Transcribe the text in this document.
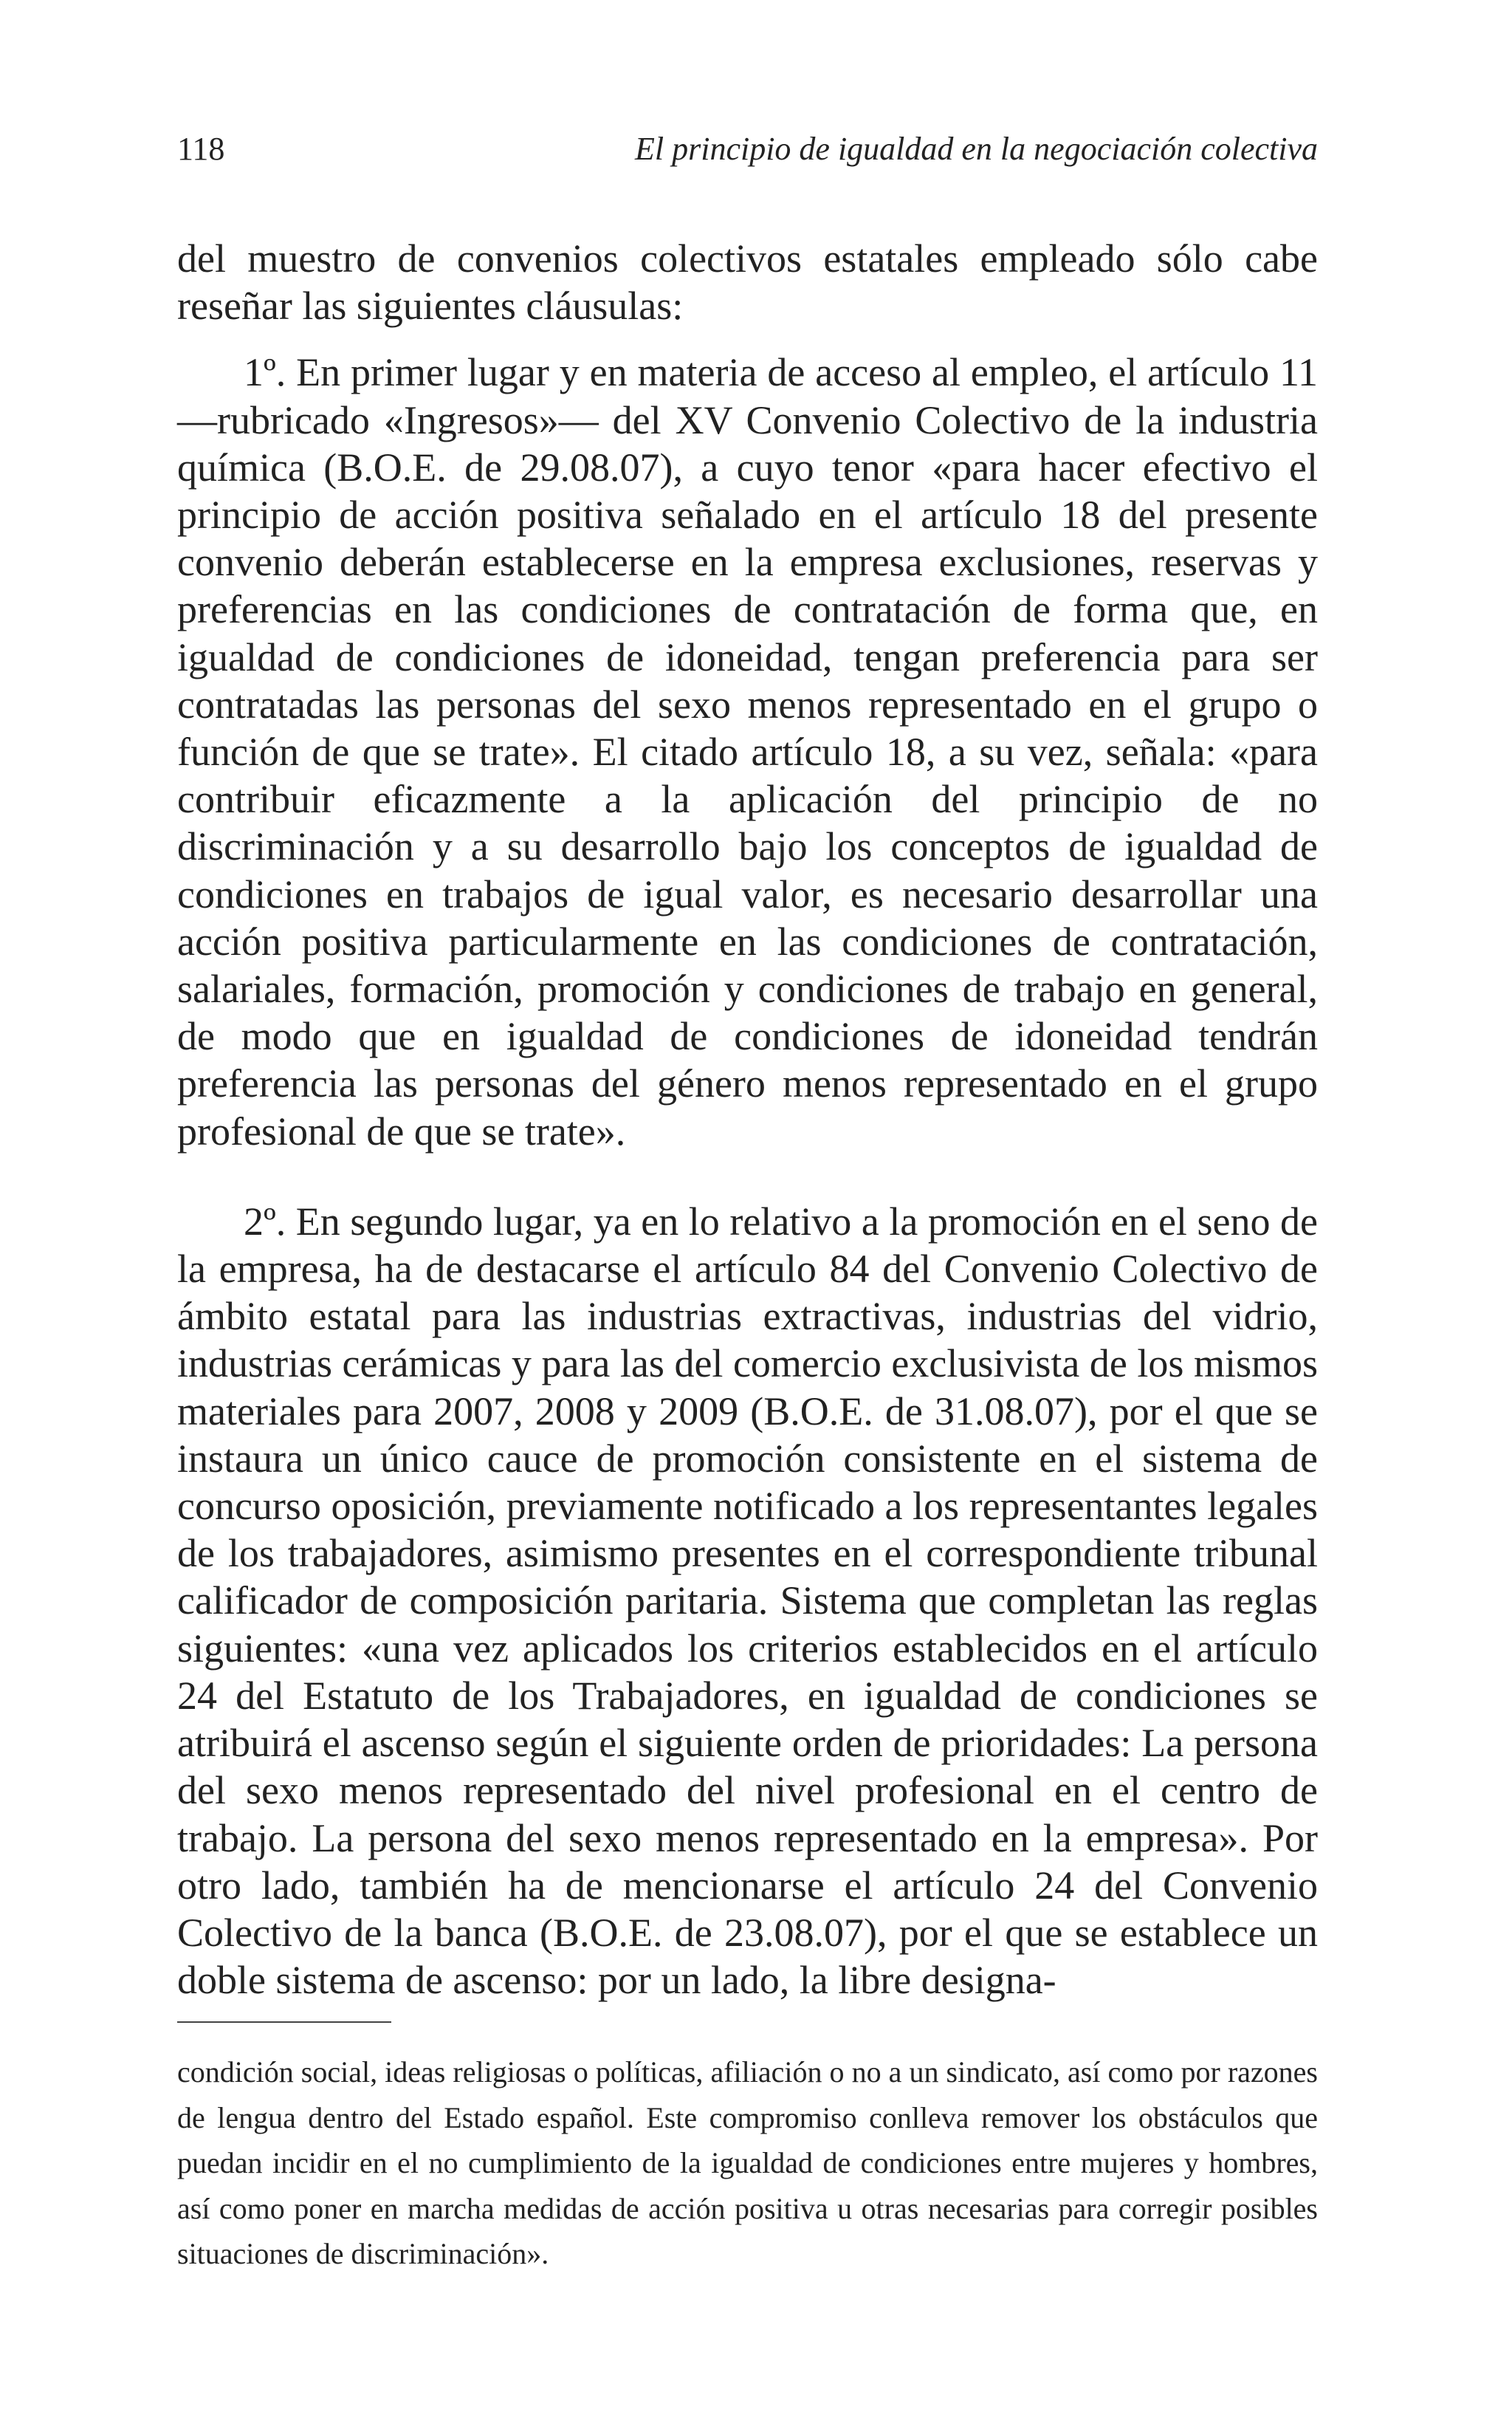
118	El principio de igualdad en la negociación colectiva

del muestro de convenios colectivos estatales empleado sólo cabe reseñar las siguientes cláusulas:

1º. En primer lugar y en materia de acceso al empleo, el artículo 11 —rubricado «Ingresos»— del XV Convenio Colectivo de la industria química (B.O.E. de 29.08.07), a cuyo tenor «para hacer efectivo el principio de acción positiva señalado en el artículo 18 del presente convenio deberán establecerse en la empresa exclusiones, reservas y preferencias en las condiciones de contratación de forma que, en igualdad de condiciones de idoneidad, tengan preferencia para ser contratadas las personas del sexo menos representado en el grupo o función de que se trate». El citado artículo 18, a su vez, señala: «para contribuir eficazmente a la aplicación del principio de no discriminación y a su desarrollo bajo los conceptos de igualdad de condiciones en trabajos de igual valor, es necesario desarrollar una acción positiva particularmente en las condiciones de contratación, salariales, formación, promoción y condiciones de trabajo en general, de modo que en igualdad de condiciones de idoneidad tendrán preferencia las personas del género menos representado en el grupo profesional de que se trate».

2º. En segundo lugar, ya en lo relativo a la promoción en el seno de la empresa, ha de destacarse el artículo 84 del Convenio Colectivo de ámbito estatal para las industrias extractivas, industrias del vidrio, industrias cerámicas y para las del comercio exclusivista de los mismos materiales para 2007, 2008 y 2009 (B.O.E. de 31.08.07), por el que se instaura un único cauce de promoción consistente en el sistema de concurso oposición, previamente notificado a los representantes legales de los trabajadores, asimismo presentes en el correspondiente tribunal calificador de composición paritaria. Sistema que completan las reglas siguientes: «una vez aplicados los criterios establecidos en el artículo 24 del Estatuto de los Trabajadores, en igualdad de condiciones se atribuirá el ascenso según el siguiente orden de prioridades: La persona del sexo menos representado del nivel profesional en el centro de trabajo. La persona del sexo menos representado en la empresa». Por otro lado, también ha de mencionarse el artículo 24 del Convenio Colectivo de la banca (B.O.E. de 23.08.07), por el que se establece un doble sistema de ascenso: por un lado, la libre designa-

condición social, ideas religiosas o políticas, afiliación o no a un sindicato, así como por razones de lengua dentro del Estado español. Este compromiso conlleva remover los obstáculos que puedan incidir en el no cumplimiento de la igualdad de condiciones entre mujeres y hombres, así como poner en marcha medidas de acción positiva u otras necesarias para corregir posibles situaciones de discriminación».
